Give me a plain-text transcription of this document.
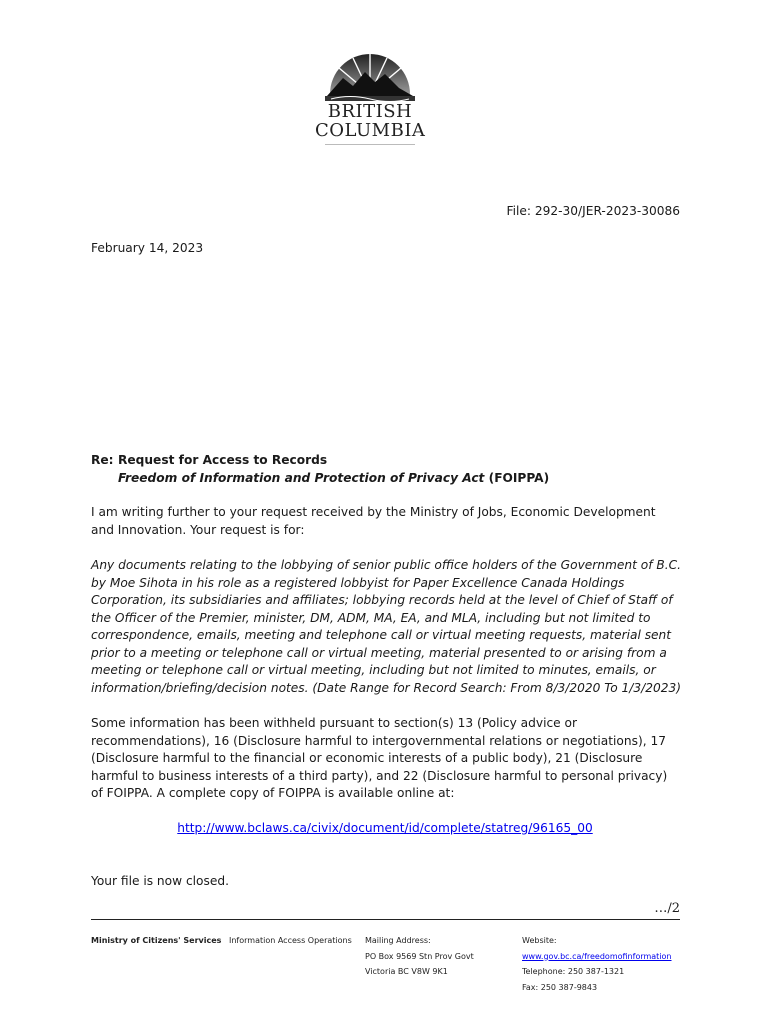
BRITISH
COLUMBIA
File: 292-30/JER-2023-30086
February 14, 2023
Re: Request for Access to Records
Freedom of Information and Protection of Privacy Act (FOIPPA)
I am writing further to your request received by the Ministry of Jobs, Economic Development and Innovation. Your request is for:
Any documents relating to the lobbying of senior public office holders of the Government of B.C. by Moe Sihota in his role as a registered lobbyist for Paper Excellence Canada Holdings Corporation, its subsidiaries and affiliates; lobbying records held at the level of Chief of Staff of the Officer of the Premier, minister, DM, ADM, MA, EA, and MLA, including but not limited to correspondence, emails, meeting and telephone call or virtual meeting requests, material sent prior to a meeting or telephone call or virtual meeting, material presented to or arising from a meeting or telephone call or virtual meeting, including but not limited to minutes, emails, or information/briefing/decision notes. (Date Range for Record Search: From 8/3/2020 To 1/3/2023)
Some information has been withheld pursuant to section(s) 13 (Policy advice or recommendations), 16 (Disclosure harmful to intergovernmental relations or negotiations), 17 (Disclosure harmful to the financial or economic interests of a public body), 21 (Disclosure harmful to business interests of a third party), and 22 (Disclosure harmful to personal privacy) of FOIPPA. A complete copy of FOIPPA is available online at:
http://www.bclaws.ca/civix/document/id/complete/statreg/96165_00
Your file is now closed.
…/2
Ministry of Citizens' Services Information Access Operations Mailing Address:
PO Box 9569 Stn Prov Govt
Victoria BC V8W 9K1
Website:
www.gov.bc.ca/freedomofinformation
Telephone: 250 387-1321
Fax: 250 387-9843
